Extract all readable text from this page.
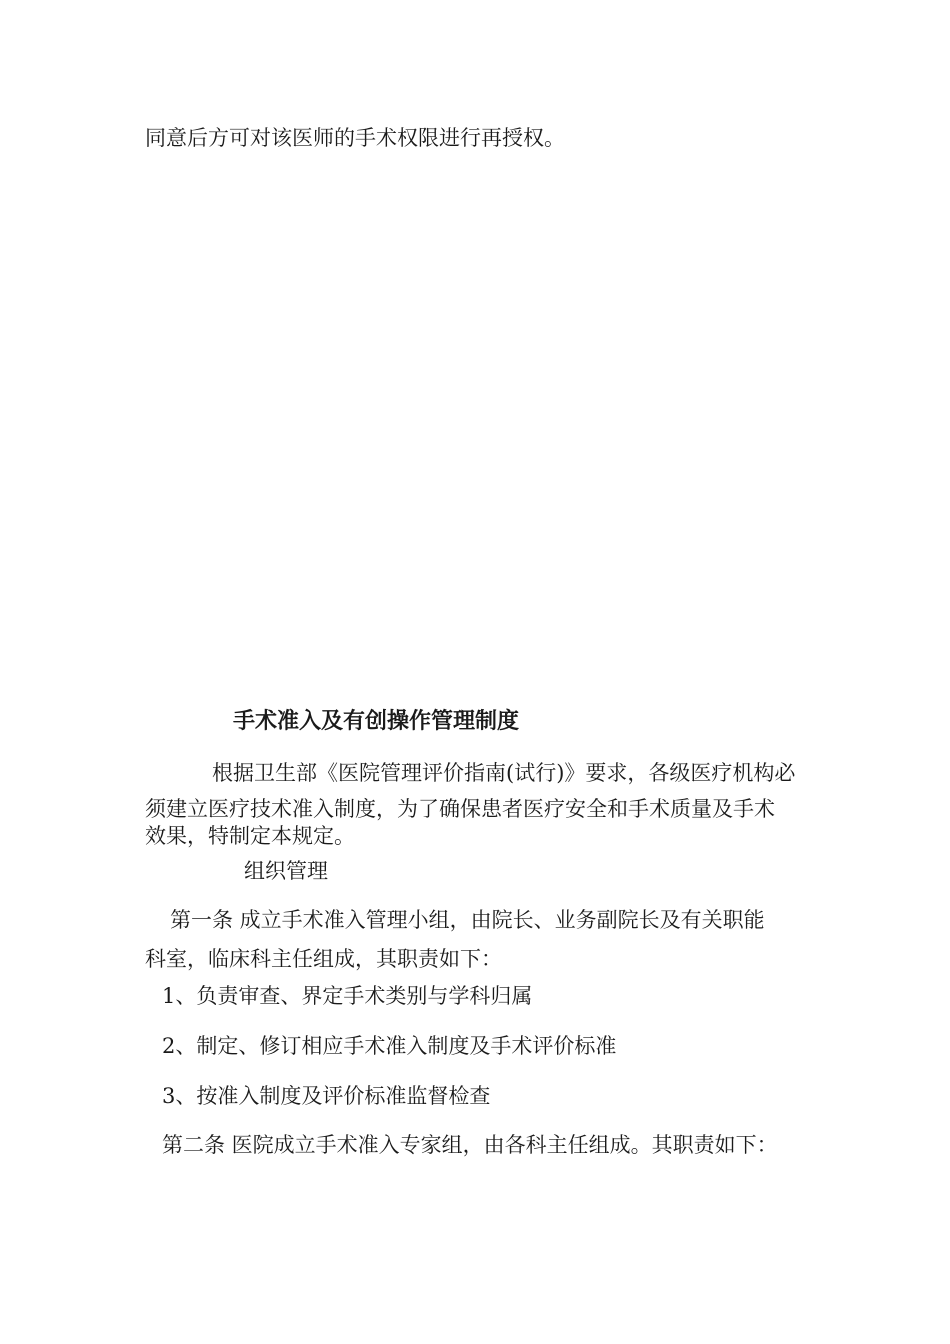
同意后方可对该医师的手术权限进行再授权。
手术准入及有创操作管理制度
根据卫生部《医院管理评价指南(试行)》要求，各级医疗机构必
须建立医疗技术准入制度，为了确保患者医疗安全和手术质量及手术
效果，特制定本规定。
组织管理
第一条 成立手术准入管理小组，由院长、业务副院长及有关职能
科室，临床科主任组成，其职责如下：
1、负责审查、界定手术类别与学科归属
2、制定、修订相应手术准入制度及手术评价标准
3、按准入制度及评价标准监督检查
第二条 医院成立手术准入专家组，由各科主任组成。其职责如下：
